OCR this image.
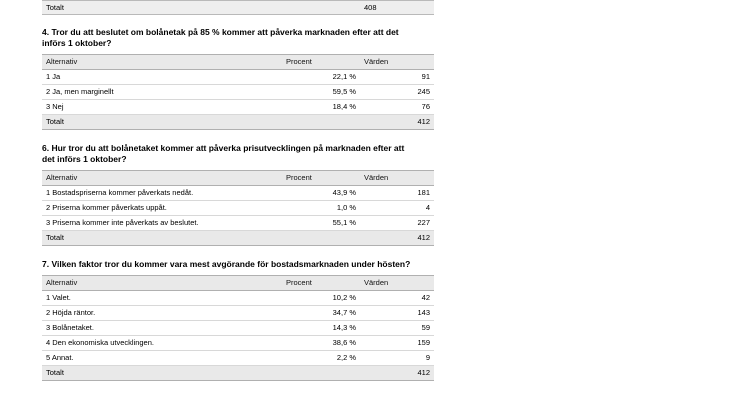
Totalt		408

4. Tror du att beslutet om bolånetak på 85 % kommer att påverka marknaden efter att det införs 1 oktober?

Alternativ	Procent	Värden
1 Ja	22,1 %	91
2 Ja, men marginellt	59,5 %	245
3 Nej	18,4 %	76
Totalt		412

6. Hur tror du att bolånetaket kommer att påverka prisutvecklingen på marknaden efter att det införs 1 oktober?

Alternativ	Procent	Värden
1 Bostadspriserna kommer påverkats nedåt.	43,9 %	181
2 Priserna kommer påverkats uppåt.	1,0 %	4
3 Priserna kommer inte påverkats av beslutet.	55,1 %	227
Totalt		412

7. Vilken faktor tror du kommer vara mest avgörande för bostadsmarknaden under hösten?

Alternativ	Procent	Värden
1 Valet.	10,2 %	42
2 Höjda räntor.	34,7 %	143
3 Bolånetaket.	14,3 %	59
4 Den ekonomiska utvecklingen.	38,6 %	159
5 Annat.	2,2 %	9
Totalt		412
